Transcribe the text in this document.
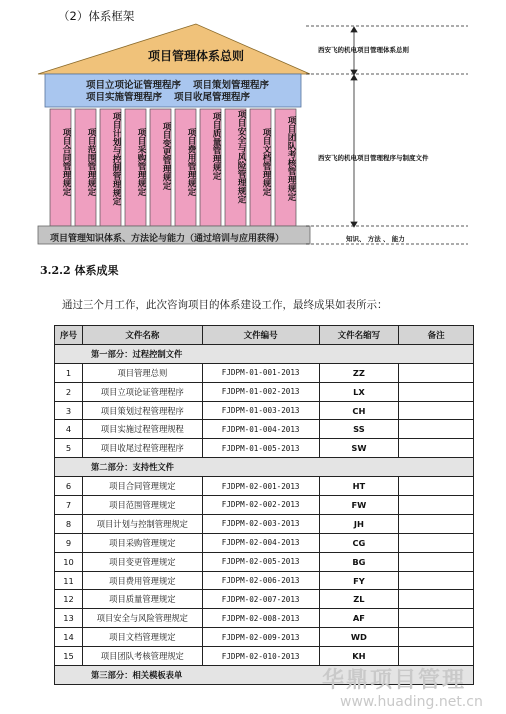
（2）体系框架
项目管理体系总则
项目立项论证管理程序 项目策划管理程序
项目实施管理程序 项目收尾管理程序
项目合同管理规定	项目范围管理规定	项目计划与控制管理规定	项目采购管理规定	项目变更管理规定	项目费用管理规定	项目质量管理规定	项目安全与风险管理规定	项目文档管理规定	项目团队考核管理规定
项目管理知识体系、方法论与能力（通过培训与应用获得）
西安飞的机电项目管理体系总则
西安飞的机电项目管理程序与制度文件
知识、 方法 、 能力
3.2.2 体系成果
通过三个月工作，此次咨询项目的体系建设工作，最终成果如表所示：
序号	文件名称	文件编号	文件名缩写	备注
第一部分：过程控制文件				
1	项目管理总则	FJDPM-01-001-2013	ZZ	
2	项目立项论证管理程序	FJDPM-01-002-2013	LX	
3	项目策划过程管理程序	FJDPM-01-003-2013	CH	
4	项目实施过程管理规程	FJDPM-01-004-2013	SS	
5	项目收尾过程管理程序	FJDPM-01-005-2013	SW	
第二部分：支持性文件				
6	项目合同管理规定	FJDPM-02-001-2013	HT	
7	项目范围管理规定	FJDPM-02-002-2013	FW	
8	项目计划与控制管理规定	FJDPM-02-003-2013	JH	
9	项目采购管理规定	FJDPM-02-004-2013	CG	
10	项目变更管理规定	FJDPM-02-005-2013	BG	
11	项目费用管理规定	FJDPM-02-006-2013	FY	
12	项目质量管理规定	FJDPM-02-007-2013	ZL	
13	项目安全与风险管理规定	FJDPM-02-008-2013	AF	
14	项目文档管理规定	FJDPM-02-009-2013	WD	
15	项目团队考核管理规定	FJDPM-02-010-2013	KH	
第三部分：相关模板表单					华鼎项目管理
www.huading.net.cn
